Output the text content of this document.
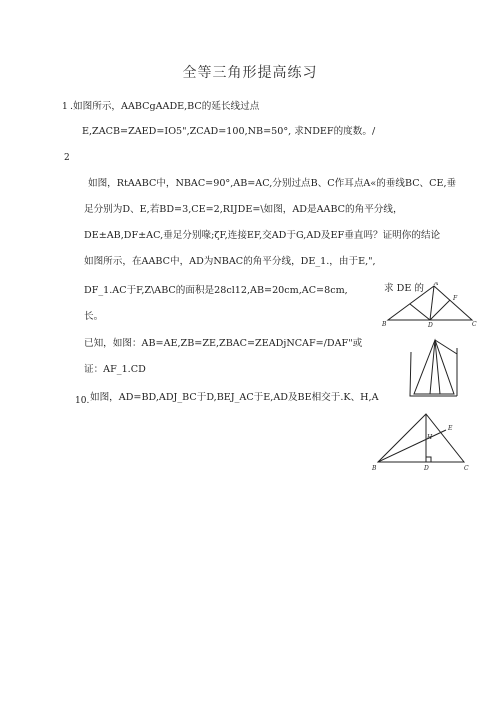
全等三角形提高练习
1 .如图所示，AABCgAADE,BC的延长线过点
E,ZACB=ZAED=IO5",ZCAD=100,NB=50°, 求NDEF的度数。/
2
如图，RtAABC中，NBAC=90°,AB=AC,分别过点B、C作耳点A«的垂线BC、CE,垂
足分别为D、E,若BD=3,CE=2,RIJDE=\如图，AD是AABC的角平分线，
DE±AB,DF±AC,垂足分别喙;ζF,连接EF,交AD于G,AD及EF垂直吗？证明你的结论
如图所示，在AABC中，AD为NBAC的角平分线，DE_1.，由于E,",
DF_1.AC于F,Z\ABC的面积是28cl12,AB=20cm,AC=8cm,	求 DE 的
长。
已知，如图：AB=AE,ZB=ZE,ZBAC=ZEADjNCAF=/DAF"或
证：AF_1.CD
10. 如图，AD=BD,ADJ_BC于D,BEJ_AC于E,AD及BE相交于.K、H,A
A
B	D	C
F
B	C
D
E
H
